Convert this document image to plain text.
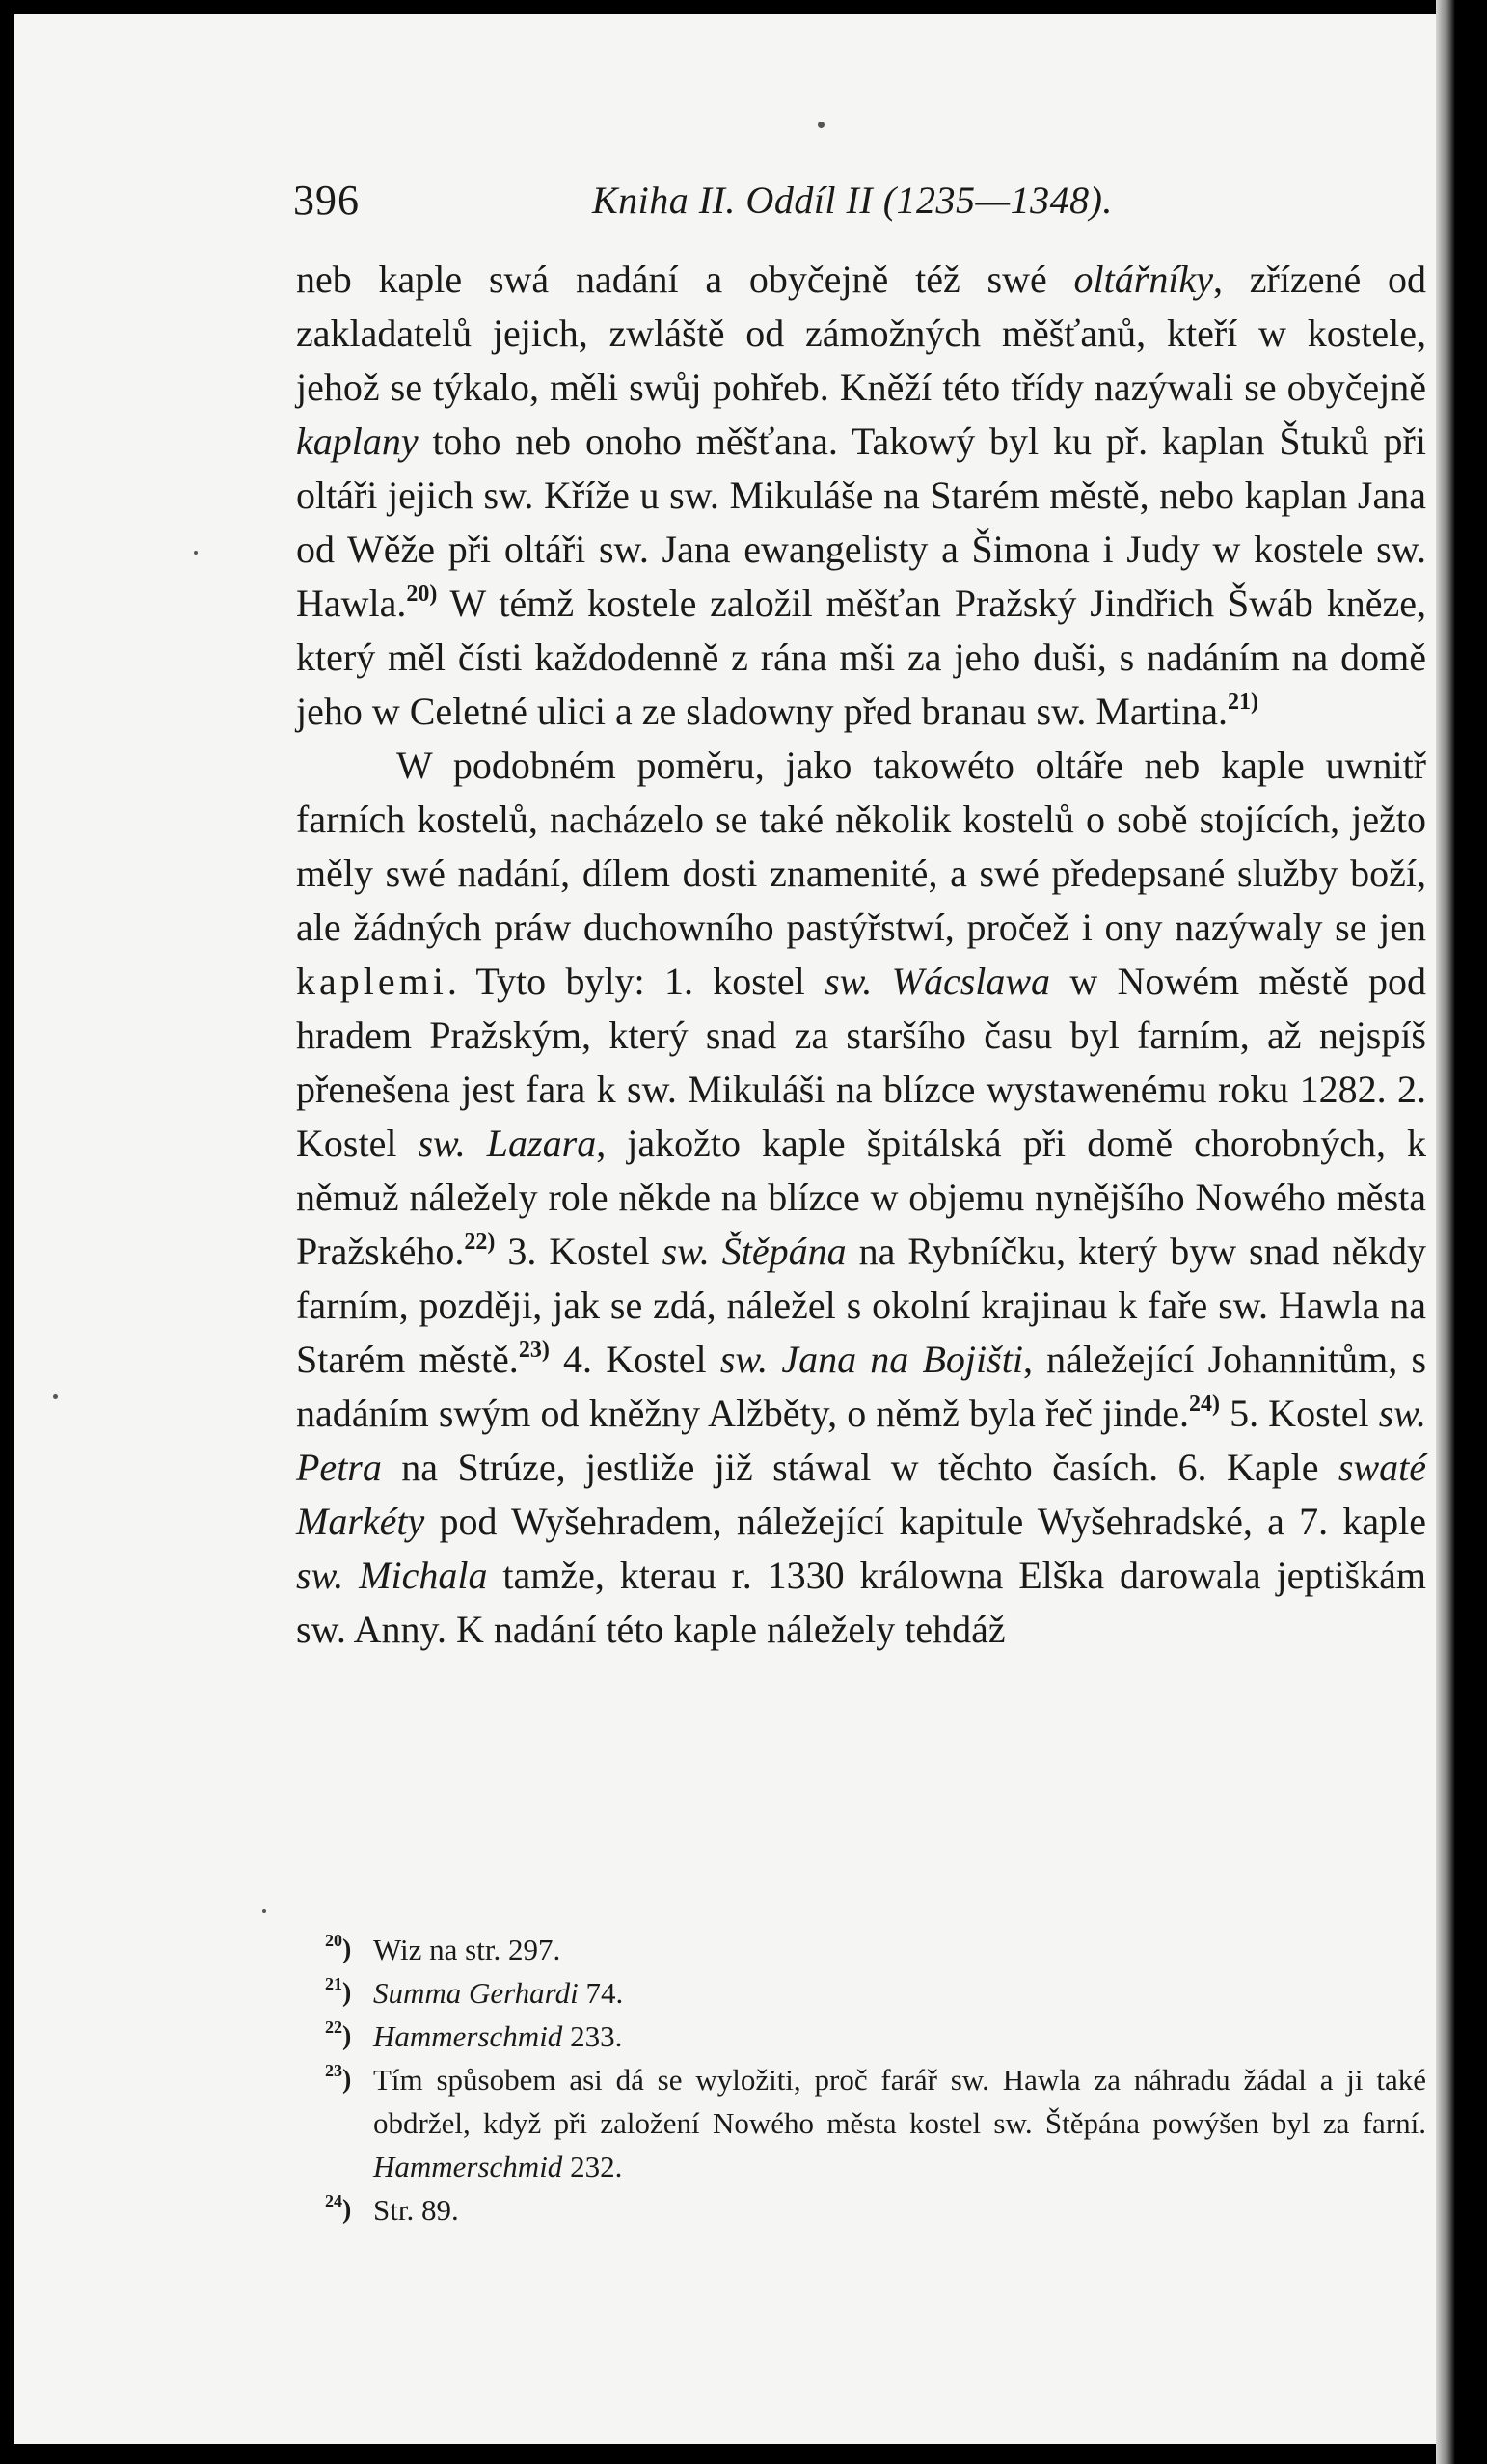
396	Kniha II. Oddíl II (1235—1348).

neb kaple swá nadání a obyčejně též swé oltářníky, zřízené od zakladatelů jejich, zwláště od zámožných měšťanů, kteří w kostele, jehož se týkalo, měli swůj pohřeb. Kněží této třídy nazýwali se obyčejně kaplany toho neb onoho měšťana. Takowý byl ku př. kaplan Štuků při oltáři jejich sw. Kříže u sw. Mikuláše na Starém městě, nebo kaplan Jana od Wěže při oltáři sw. Jana ewangelisty a Šimona i Judy w kostele sw. Hawla.$^{20)}$ W témž kostele založil měšťan Pražský Jindřich Šwáb kněze, který měl čísti každodenně z rána mši za jeho duši, s nadáním na domě jeho w Celetné ulici a ze sladowny před branau sw. Martina.$^{21)}$

W podobném poměru, jako takowéto oltáře neb kaple uwnitř farních kostelů, nacházelo se také několik kostelů o sobě stojících, ježto měly swé nadání, dílem dosti znamenité, a swé předepsané služby boží, ale žádných práw duchowního pastýřstwí, pročež i ony nazýwaly se jen kaplemi. Tyto byly: 1. kostel sw. Wácslawa w Nowém městě pod hradem Pražským, který snad za staršího času byl farním, až nejspíš přenešena jest fara k sw. Mikuláši na blízce wystawenému roku 1282. 2. Kostel sw. Lazara, jakožto kaple špitálská při domě chorobných, k němuž náležely role někde na blízce w objemu nynějšího Nowého města Pražského.$^{22)}$ 3. Kostel sw. Štěpána na Rybníčku, který byw snad někdy farním, později, jak se zdá, náležel s okolní krajinau k faře sw. Hawla na Starém městě.$^{23)}$ 4. Kostel sw. Jana na Bojišti, náležející Johannitům, s nadáním swým od kněžny Alžběty, o němž byla řeč jinde.$^{24)}$ 5. Kostel sw. Petra na Strúze, jestliže již stáwal w těchto časích. 6. Kaple swaté Markéty pod Wyšehradem, náležející kapitule Wyšehradské, a 7. kaple sw. Michala tamže, kterau r. 1330 králowna Elška darowala jeptiškám sw. Anny. K nadání této kaple náležely tehdáž

$^{20}$) Wiz na str. 297.
$^{21}$) Summa Gerhardi 74.
$^{22}$) Hammerschmid 233.
$^{23}$) Tím spůsobem asi dá se wyložiti, proč farář sw. Hawla za náhradu žádal a ji také obdržel, když při založení Nowého města kostel sw. Štěpána powýšen byl za farní. Hammerschmid 232.
$^{24}$) Str. 89.
